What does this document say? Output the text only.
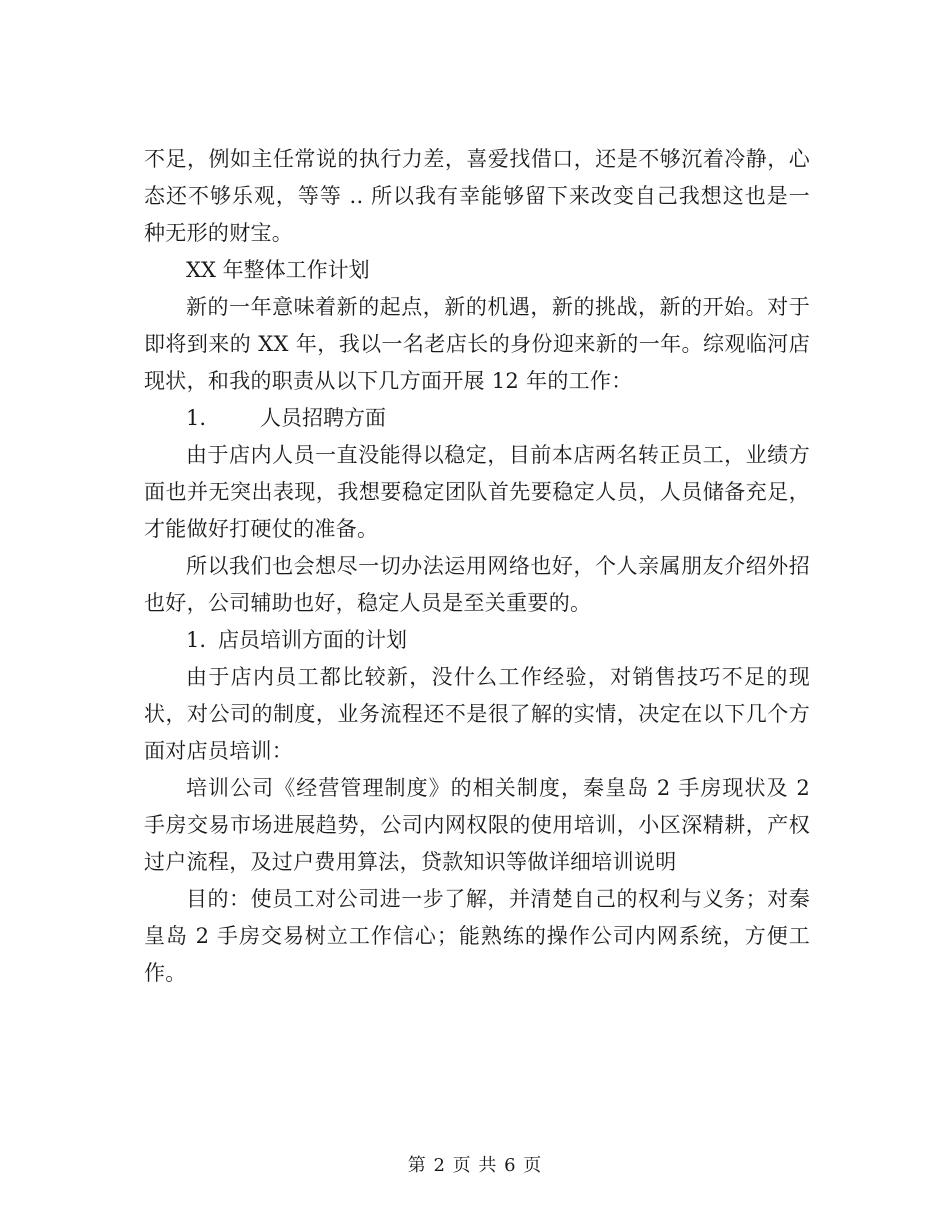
不足，例如主任常说的执行力差，喜爱找借口，还是不够沉着冷静，心态还不够乐观，等等 .. 所以我有幸能够留下来改变自己我想这也是一种无形的财宝。

XX 年整体工作计划

新的一年意味着新的起点，新的机遇，新的挑战，新的开始。对于即将到来的 XX 年，我以一名老店长的身份迎来新的一年。综观临河店现状，和我的职责从以下几方面开展 12 年的工作：

1.	人员招聘方面

由于店内人员一直没能得以稳定，目前本店两名转正员工，业绩方面也并无突出表现，我想要稳定团队首先要稳定人员，人员储备充足，才能做好打硬仗的准备。

所以我们也会想尽一切办法运用网络也好，个人亲属朋友介绍外招也好，公司辅助也好，稳定人员是至关重要的。

1. 店员培训方面的计划

由于店内员工都比较新，没什么工作经验，对销售技巧不足的现状，对公司的制度，业务流程还不是很了解的实情，决定在以下几个方面对店员培训：

培训公司《经营管理制度》的相关制度，秦皇岛 2 手房现状及 2 手房交易市场进展趋势，公司内网权限的使用培训，小区深精耕，产权过户流程，及过户费用算法，贷款知识等做详细培训说明

目的：使员工对公司进一步了解，并清楚自己的权利与义务；对秦皇岛 2 手房交易树立工作信心；能熟练的操作公司内网系统，方便工作。

第 2 页 共 6 页
